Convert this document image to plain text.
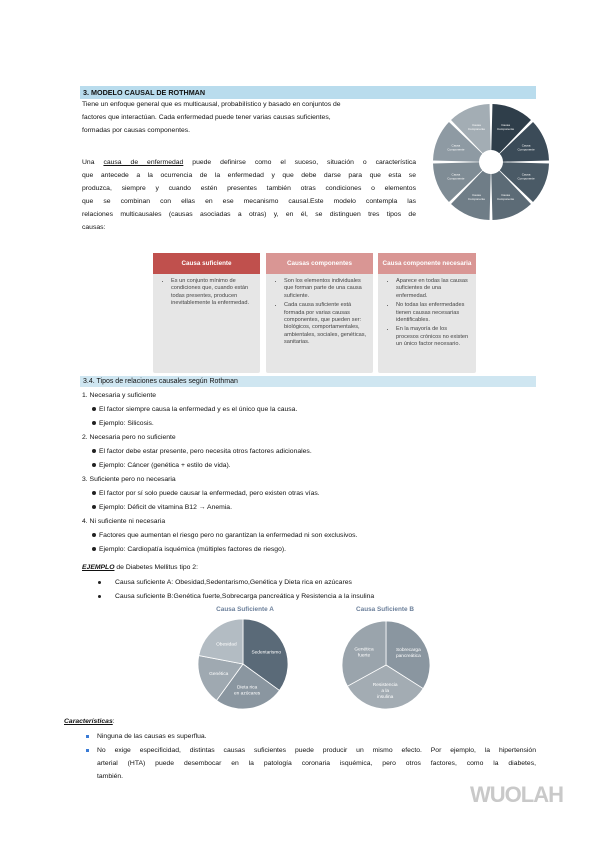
3. MODELO CAUSAL DE ROTHMAN
Tiene un enfoque general que es multicausal, probabilístico y basado en conjuntos de
factores que interactúan. Cada enfermedad puede tener varias causas suficientes,
formadas por causas componentes.
Una causa de enfermedad puede definirse como el suceso, situación o característica
que antecede a la ocurrencia de la enfermedad y que debe darse para que esta se
produzca, siempre y cuando estén presentes también otras condiciones o elementos
que se combinan con ellas en ese mecanismo causal.Este modelo contempla las
relaciones multicausales (causas asociadas a otras) y, en él, se distinguen tres tipos de
causas:
Causa
Componente
Causa
Componente
Causa
Componente
Causa
Componente
Causa
Componente
Causa
Componente
Causa
Componente
Causa
Componente
Causa suficiente
• Es un conjunto mínimo de condiciones que, cuando están todas presentes, producen inevitablemente la enfermedad.
Causas componentes
• Son los elementos individuales que forman parte de una causa suficiente.
• Cada causa suficiente está formada por varias causas componentes, que pueden ser: biológicos, comportamentales, ambientales, sociales, genéticas, sanitarias.
Causa componente necesaria
• Aparece en todas las causas suficientes de una enfermedad.
• No todas las enfermedades tienen causas necesarias identificables.
• En la mayoría de los procesos crónicos no existen un único factor necesario.
3.4. Tipos de relaciones causales según Rothman
1. Necesaria y suficiente
El factor siempre causa la enfermedad y es el único que la causa.
Ejemplo: Silicosis.
2. Necesaria pero no suficiente
El factor debe estar presente, pero necesita otros factores adicionales.
Ejemplo: Cáncer (genética + estilo de vida).
3. Suficiente pero no necesaria
El factor por sí solo puede causar la enfermedad, pero existen otras vías.
Ejemplo: Déficit de vitamina B12 → Anemia.
4. Ni suficiente ni necesaria
Factores que aumentan el riesgo pero no garantizan la enfermedad ni son exclusivos.
Ejemplo: Cardiopatía isquémica (múltiples factores de riesgo).
EJEMPLO de Diabetes Mellitus tipo 2:
Causa suficiente A: Obesidad,Sedentarismo,Genética y Dieta rica en azúcares
Causa suficiente B:Genética fuerte,Sobrecarga pancreática y Resistencia a la insulina
Causa Suficiente A
Sedentarismo
Dieta rica
en azúcares
Genética
Obesidad
Causa Suficiente B
Sobrecarga
pancreática
Resistencia
a la
insulina
Genética
fuerte
Características:
Ninguna de las causas es superflua.
No exige especificidad, distintas causas suficientes puede producir un mismo efecto. Por ejemplo, la hipertensión
arterial (HTA) puede desembocar en la patología coronaria isquémica, pero otros factores, como la diabetes,
también.
WUOLAH
